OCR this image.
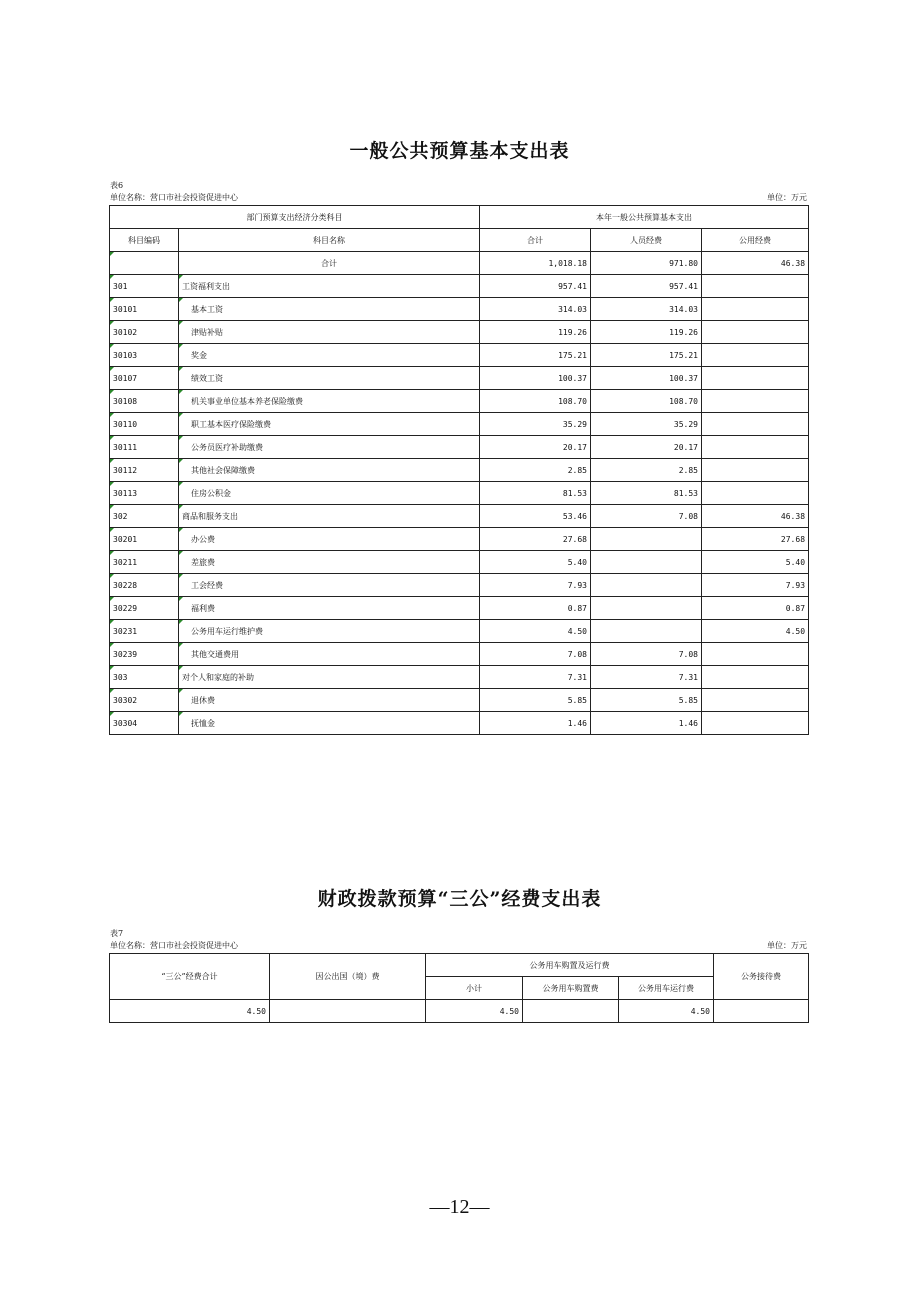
一般公共预算基本支出表
表6
单位名称：营口市社会投资促进中心	单位：万元
部门预算支出经济分类科目		本年一般公共预算基本支出		
科目编码	科目名称	合计	人员经费	公用经费
	合计	1,018.18	971.80	46.38
301	工资福利支出	957.41	957.41	
30101	基本工资	314.03	314.03	
30102	津贴补贴	119.26	119.26	
30103	奖金	175.21	175.21	
30107	绩效工资	100.37	100.37	
30108	机关事业单位基本养老保险缴费	108.70	108.70	
30110	职工基本医疗保险缴费	35.29	35.29	
30111	公务员医疗补助缴费	20.17	20.17	
30112	其他社会保障缴费	2.85	2.85	
30113	住房公积金	81.53	81.53	
302	商品和服务支出	53.46	7.08	46.38
30201	办公费	27.68		27.68
30211	差旅费	5.40		5.40
30228	工会经费	7.93		7.93
30229	福利费	0.87		0.87
30231	公务用车运行维护费	4.50		4.50
30239	其他交通费用	7.08	7.08	
303	对个人和家庭的补助	7.31	7.31	
30302	退休费	5.85	5.85	
30304	抚恤金	1.46	1.46	
财政拨款预算“三公”经费支出表
表7
单位名称：营口市社会投资促进中心	单位：万元
“三公”经费合计	因公出国（境）费	公务用车购置及运行费			公务接待费
		小计	公务用车购置费	公务用车运行费	
4.50		4.50		4.50	
—12—
